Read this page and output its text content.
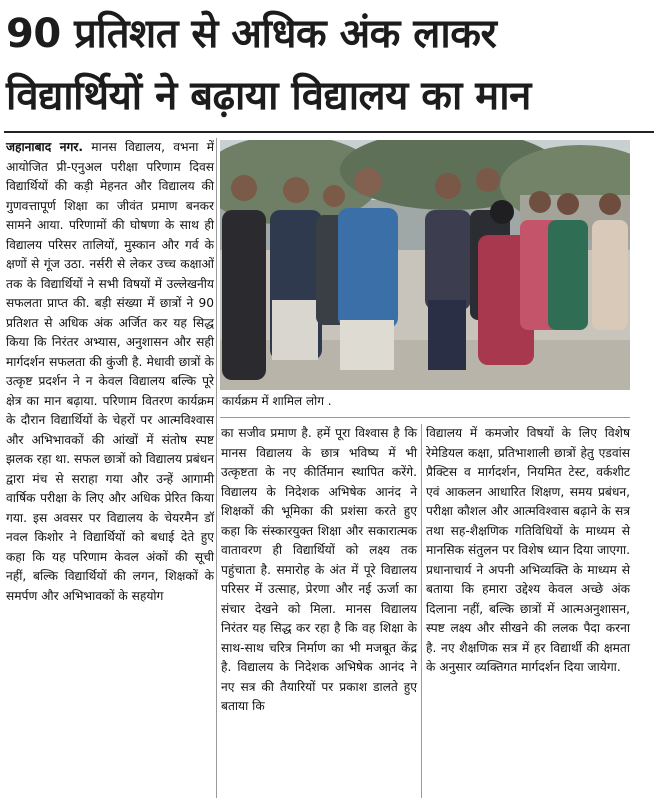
90 प्रतिशत से अधिक अंक लाकर
विद्यार्थियों ने बढ़ाया विद्यालय का मान

जहानाबाद नगर. मानस विद्यालय, वभना में आयोजित प्री-एनुअल परीक्षा परिणाम दिवस विद्यार्थियों की कड़ी मेहनत और विद्यालय की गुणवत्तापूर्ण शिक्षा का जीवंत प्रमाण बनकर सामने आया. परिणामों की घोषणा के साथ ही विद्यालय परिसर तालियों, मुस्कान और गर्व के क्षणों से गूंज उठा. नर्सरी से लेकर उच्च कक्षाओं तक के विद्यार्थियों ने सभी विषयों में उल्लेखनीय सफलता प्राप्त की. बड़ी संख्या में छात्रों ने 90 प्रतिशत से अधिक अंक अर्जित कर यह सिद्ध किया कि निरंतर अभ्यास, अनुशासन और सही मार्गदर्शन सफलता की कुंजी है. मेधावी छात्रों के उत्कृष्ट प्रदर्शन ने न केवल विद्यालय बल्कि पूरे क्षेत्र का मान बढ़ाया. परिणाम वितरण कार्यक्रम के दौरान विद्यार्थियों के चेहरों पर आत्मविश्वास और अभिभावकों की आंखों में संतोष स्पष्ट झलक रहा था. सफल छात्रों को विद्यालय प्रबंधन द्वारा मंच से सराहा गया और उन्हें आगामी वार्षिक परीक्षा के लिए और अधिक प्रेरित किया गया. इस अवसर पर विद्यालय के चेयरमैन डॉ नवल किशोर ने विद्यार्थियों को बधाई देते हुए कहा कि यह परिणाम केवल अंकों की सूची नहीं, बल्कि विद्यार्थियों की लगन, शिक्षकों के समर्पण और अभिभावकों के सहयोग

कार्यक्रम में शामिल लोग .

का सजीव प्रमाण है. हमें पूरा विश्वास है कि मानस विद्यालय के छात्र भविष्य में भी उत्कृष्टता के नए कीर्तिमान स्थापित करेंगे. विद्यालय के निदेशक अभिषेक आनंद ने शिक्षकों की भूमिका की प्रशंसा करते हुए कहा कि संस्कारयुक्त शिक्षा और सकारात्मक वातावरण ही विद्यार्थियों को लक्ष्य तक पहुंचाता है. समारोह के अंत में पूरे विद्यालय परिसर में उत्साह, प्रेरणा और नई ऊर्जा का संचार देखने को मिला. मानस विद्यालय निरंतर यह सिद्ध कर रहा है कि वह शिक्षा के साथ-साथ चरित्र निर्माण का भी मजबूत केंद्र है. विद्यालय के निदेशक अभिषेक आनंद ने नए सत्र की तैयारियों पर प्रकाश डालते हुए बताया कि

विद्यालय में कमजोर विषयों के लिए विशेष रेमेडियल कक्षा, प्रतिभाशाली छात्रों हेतु एडवांस प्रैक्टिस व मार्गदर्शन, नियमित टेस्ट, वर्कशीट एवं आकलन आधारित शिक्षण, समय प्रबंधन, परीक्षा कौशल और आत्मविश्वास बढ़ाने के सत्र तथा सह-शैक्षणिक गतिविधियों के माध्यम से मानसिक संतुलन पर विशेष ध्यान दिया जाएगा. प्रधानाचार्य ने अपनी अभिव्यक्ति के माध्यम से बताया कि हमारा उद्देश्य केवल अच्छे अंक दिलाना नहीं, बल्कि छात्रों में आत्मअनुशासन, स्पष्ट लक्ष्य और सीखने की ललक पैदा करना है. नए शैक्षणिक सत्र में हर विद्यार्थी की क्षमता के अनुसार व्यक्तिगत मार्गदर्शन दिया जायेगा.
